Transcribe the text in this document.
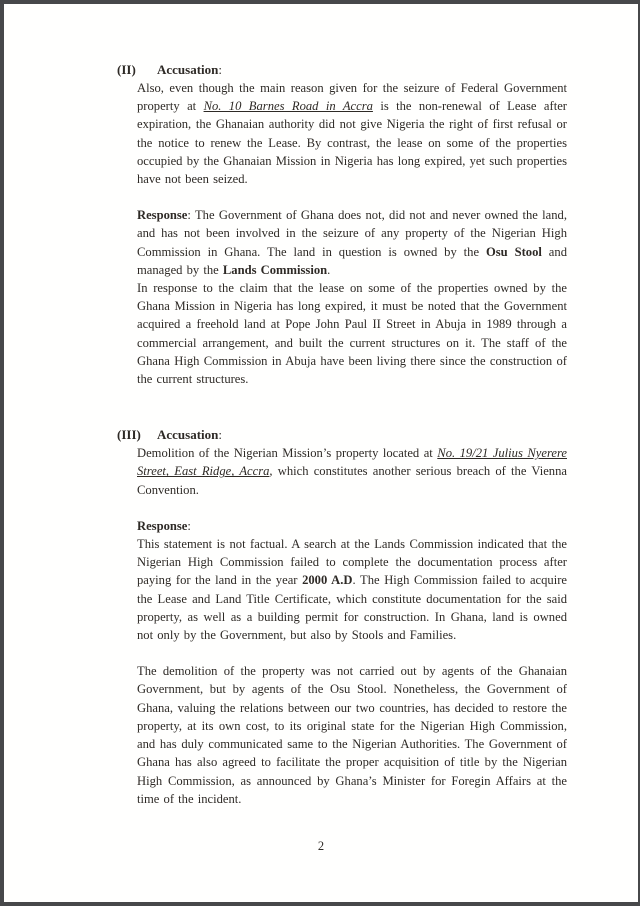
(II) Accusation:

Also, even though the main reason given for the seizure of Federal Government property at No. 10 Barnes Road in Accra is the non-renewal of Lease after expiration, the Ghanaian authority did not give Nigeria the right of first refusal or the notice to renew the Lease. By contrast, the lease on some of the properties occupied by the Ghanaian Mission in Nigeria has long expired, yet such properties have not been seized.

Response: The Government of Ghana does not, did not and never owned the land, and has not been involved in the seizure of any property of the Nigerian High Commission in Ghana. The land in question is owned by the Osu Stool and managed by the Lands Commission.

In response to the claim that the lease on some of the properties owned by the Ghana Mission in Nigeria has long expired, it must be noted that the Government acquired a freehold land at Pope John Paul II Street in Abuja in 1989 through a commercial arrangement, and built the current structures on it. The staff of the Ghana High Commission in Abuja have been living there since the construction of the current structures.

(III) Accusation:

Demolition of the Nigerian Mission’s property located at No. 19/21 Julius Nyerere Street, East Ridge, Accra, which constitutes another serious breach of the Vienna Convention.

Response:

This statement is not factual. A search at the Lands Commission indicated that the Nigerian High Commission failed to complete the documentation process after paying for the land in the year 2000 A.D. The High Commission failed to acquire the Lease and Land Title Certificate, which constitute documentation for the said property, as well as a building permit for construction. In Ghana, land is owned not only by the Government, but also by Stools and Families.

The demolition of the property was not carried out by agents of the Ghanaian Government, but by agents of the Osu Stool. Nonetheless, the Government of Ghana, valuing the relations between our two countries, has decided to restore the property, at its own cost, to its original state for the Nigerian High Commission, and has duly communicated same to the Nigerian Authorities. The Government of Ghana has also agreed to facilitate the proper acquisition of title by the Nigerian High Commission, as announced by Ghana’s Minister for Foregin Affairs at the time of the incident.

2
